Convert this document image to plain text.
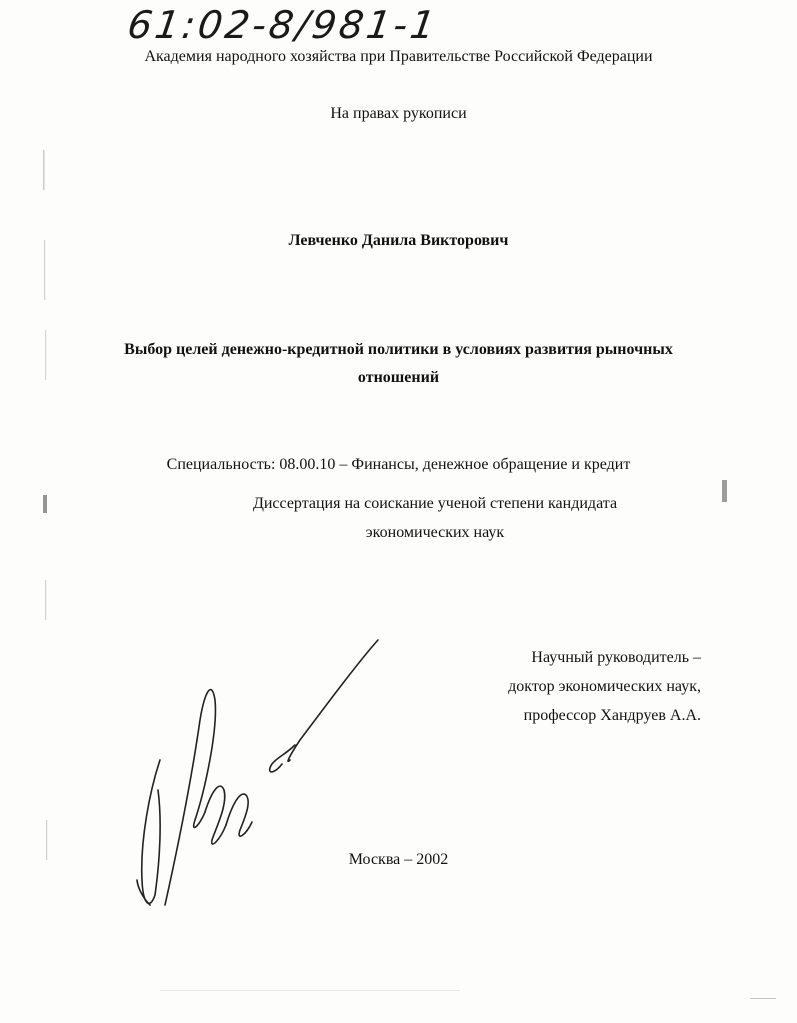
61:02-8/981-1
Академия народного хозяйства при Правительстве Российской Федерации
На правах рукописи
Левченко Данила Викторович
Выбор целей денежно-кредитной политики в условиях развития рыночных
отношений
Специальность: 08.00.10 – Финансы, денежное обращение и кредит
Диссертация на соискание ученой степени кандидата
экономических наук
Научный руководитель –
доктор экономических наук,
профессор Хандруев А.А.
Москва – 2002
